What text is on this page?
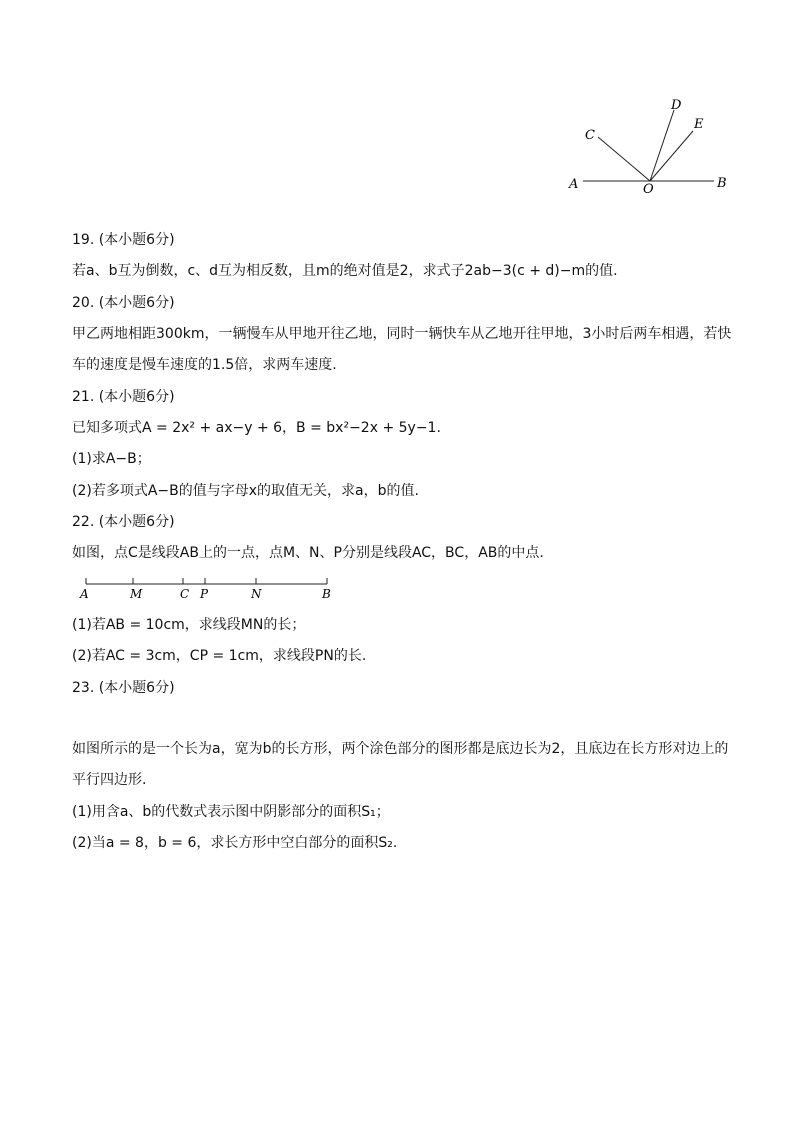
A	B
C
D
E
O
19. (本小题6分)
若a、b互为倒数，c、d互为相反数，且m的绝对值是2，求式子2ab−3(c + d)−m的值.
20. (本小题6分)
甲乙两地相距300km，一辆慢车从甲地开往乙地，同时一辆快车从乙地开往甲地，3小时后两车相遇，若快
车的速度是慢车速度的1.5倍，求两车速度.
21. (本小题6分)
已知多项式A = 2x² + ax−y + 6，B = bx²−2x + 5y−1.
(1)求A−B；
(2)若多项式A−B的值与字母x的取值无关，求a，b的值.
22. (本小题6分)
如图，点C是线段AB上的一点，点M、N、P分别是线段AC，BC，AB的中点.
A	M	C P	N	B
(1)若AB = 10cm，求线段MN的长；
(2)若AC = 3cm，CP = 1cm，求线段PN的长.
23. (本小题6分)
如图所示的是一个长为a，宽为b的长方形，两个涂色部分的图形都是底边长为2，且底边在长方形对边上的
平行四边形.
(1)用含a、b的代数式表示图中阴影部分的面积S₁；
(2)当a = 8，b = 6，求长方形中空白部分的面积S₂.
